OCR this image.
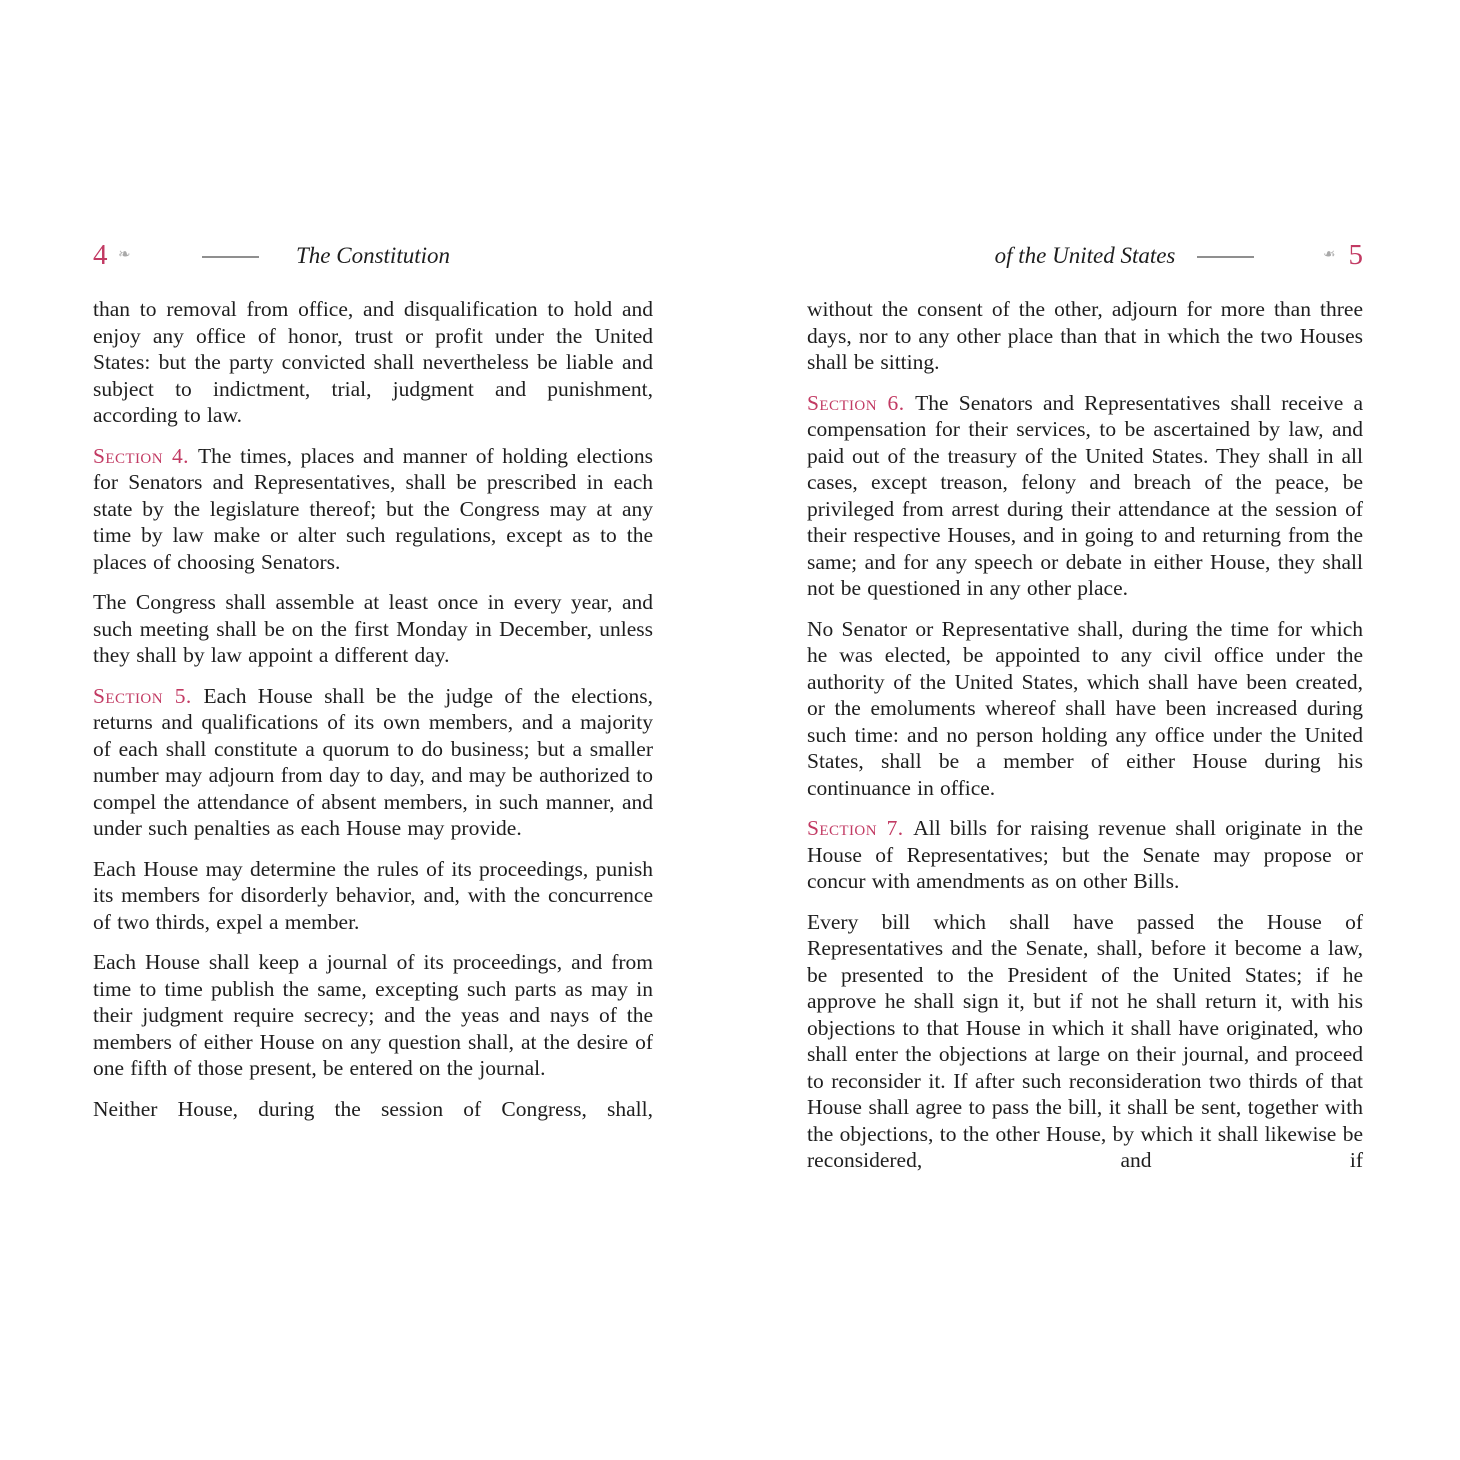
4 ❧	The Constitution

than to removal from office, and disqualification to hold and enjoy any office of honor, trust or profit under the United States: but the party convicted shall nevertheless be liable and subject to indictment, trial, judgment and punishment, according to law.

Section 4. The times, places and manner of holding elections for Senators and Representatives, shall be prescribed in each state by the legislature thereof; but the Congress may at any time by law make or alter such regulations, except as to the places of choosing Senators.

The Congress shall assemble at least once in every year, and such meeting shall be on the first Monday in December, unless they shall by law appoint a different day.

Section 5. Each House shall be the judge of the elections, returns and qualifications of its own members, and a majority of each shall constitute a quorum to do business; but a smaller number may adjourn from day to day, and may be authorized to compel the attendance of absent members, in such manner, and under such penalties as each House may provide.

Each House may determine the rules of its proceedings, punish its members for disorderly behavior, and, with the concurrence of two thirds, expel a member.

Each House shall keep a journal of its proceedings, and from time to time publish the same, excepting such parts as may in their judgment require secrecy; and the yeas and nays of the members of either House on any question shall, at the desire of one fifth of those present, be entered on the journal.

Neither House, during the session of Congress, shall,

5
❧
of the United States

without the consent of the other, adjourn for more than three days, nor to any other place than that in which the two Houses shall be sitting.

Section 6. The Senators and Representatives shall receive a compensation for their services, to be ascertained by law, and paid out of the treasury of the United States. They shall in all cases, except treason, felony and breach of the peace, be privileged from arrest during their attendance at the session of their respective Houses, and in going to and returning from the same; and for any speech or debate in either House, they shall not be questioned in any other place.

No Senator or Representative shall, during the time for which he was elected, be appointed to any civil office under the authority of the United States, which shall have been created, or the emoluments whereof shall have been increased during such time: and no person holding any office under the United States, shall be a member of either House during his continuance in office.

Section 7. All bills for raising revenue shall originate in the House of Representatives; but the Senate may propose or concur with amendments as on other Bills.

Every bill which shall have passed the House of Representatives and the Senate, shall, before it become a law, be presented to the President of the United States; if he approve he shall sign it, but if not he shall return it, with his objections to that House in which it shall have originated, who shall enter the objections at large on their journal, and proceed to reconsider it. If after such reconsideration two thirds of that House shall agree to pass the bill, it shall be sent, together with the objections, to the other House, by which it shall likewise be reconsidered, and if
